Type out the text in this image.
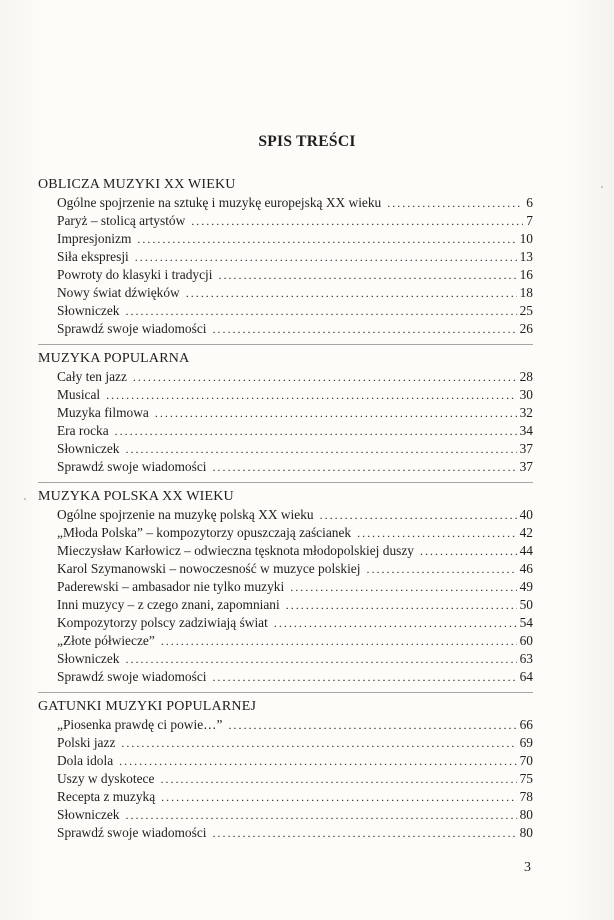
SPIS TREŚCI
OBLICZA MUZYKI XX WIEKU
Ogólne spojrzenie na sztukę i muzykę europejską XX wieku . . .	6
Paryż – stolicą artystów . . .	7
Impresjonizm . . .	10
Siła ekspresji . . .	13
Powroty do klasyki i tradycji . . .	16
Nowy świat dźwięków . . .	18
Słowniczek . . .	25
Sprawdź swoje wiadomości . . .	26
MUZYKA POPULARNA
Cały ten jazz . . .	28
Musical . . .	30
Muzyka filmowa . . .	32
Era rocka . . .	34
Słowniczek . . .	37
Sprawdź swoje wiadomości . . .	37
MUZYKA POLSKA XX WIEKU
Ogólne spojrzenie na muzykę polską XX wieku . . .	40
„Młoda Polska” – kompozytorzy opuszczają zaścianek . . .	42
Mieczysław Karłowicz – odwieczna tęsknota młodopolskiej duszy . . .	44
Karol Szymanowski – nowoczesność w muzyce polskiej . . .	46
Paderewski – ambasador nie tylko muzyki . . .	49
Inni muzycy – z czego znani, zapomniani . . .	50
Kompozytorzy polscy zadziwiają świat . . .	54
„Złote półwiecze” . . .	60
Słowniczek . . .	63
Sprawdź swoje wiadomości . . .	64
GATUNKI MUZYKI POPULARNEJ
„Piosenka prawdę ci powie…” . . .	66
Polski jazz . . .	69
Dola idola . . .	70
Uszy w dyskotece . . .	75
Recepta z muzyką . . .	78
Słowniczek . . .	80
Sprawdź swoje wiadomości . . .	80
3
